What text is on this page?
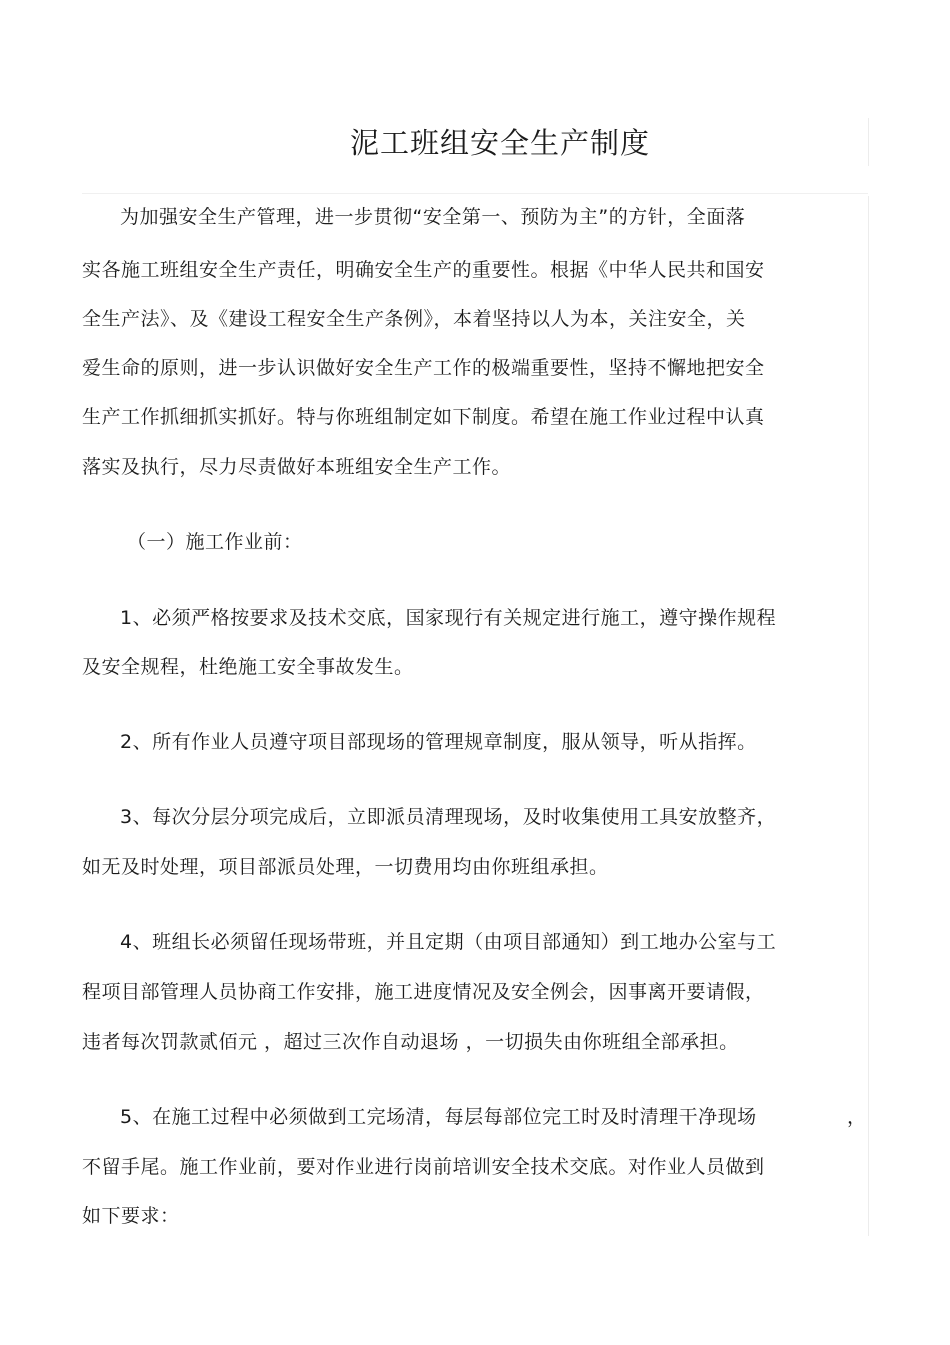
泥工班组安全生产制度
为加强安全生产管理，进一步贯彻“安全第一、预防为主”的方针，全面落
实各施工班组安全生产责任，明确安全生产的重要性。根据《中华人民共和国安
全生产法》、及《建设工程安全生产条例》，本着坚持以人为本，关注安全，关
爱生命的原则，进一步认识做好安全生产工作的极端重要性，坚持不懈地把安全
生产工作抓细抓实抓好。特与你班组制定如下制度。希望在施工作业过程中认真
落实及执行，尽力尽责做好本班组安全生产工作。
（一）施工作业前：
1、必须严格按要求及技术交底，国家现行有关规定进行施工，遵守操作规程
及安全规程，杜绝施工安全事故发生。
2、所有作业人员遵守项目部现场的管理规章制度，服从领导，听从指挥。
3、每次分层分项完成后，立即派员清理现场，及时收集使用工具安放整齐，
如无及时处理，项目部派员处理，一切费用均由你班组承担。
4、班组长必须留任现场带班，并且定期（由项目部通知）到工地办公室与工
程项目部管理人员协商工作安排，施工进度情况及安全例会，因事离开要请假，
违者每次罚款贰佰元 ，超过三次作自动退场 ，一切损失由你班组全部承担。
5、在施工过程中必须做到工完场清，每层每部位完工时及时清理干净现场	，
不留手尾。施工作业前，要对作业进行岗前培训安全技术交底。对作业人员做到
如下要求：
